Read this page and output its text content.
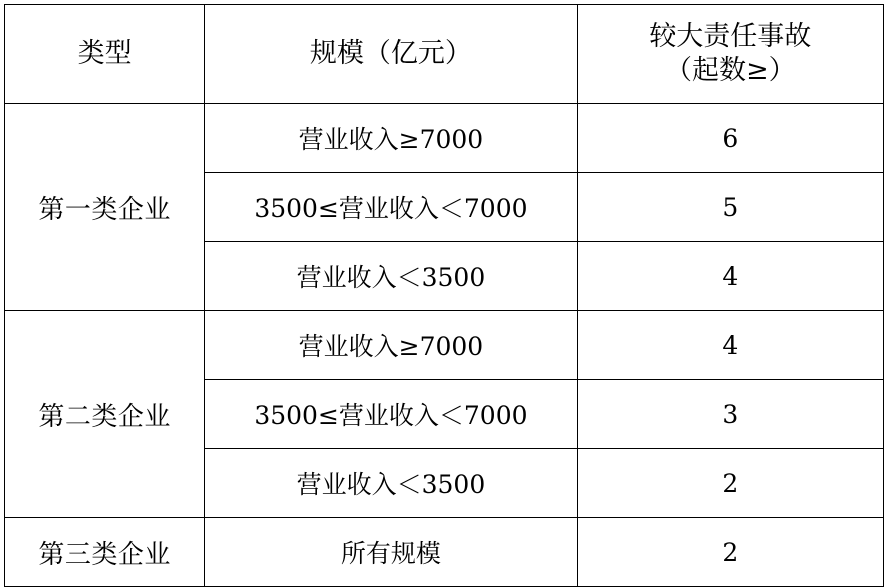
类型	规模（亿元）	较大责任事故
（起数≥）

第一类企业	营业收入≥7000	6
	3500≤营业收入＜7000	5
	营业收入＜3500	4
第二类企业	营业收入≥7000	4
	3500≤营业收入＜7000	3
	营业收入＜3500	2
第三类企业	所有规模	2
